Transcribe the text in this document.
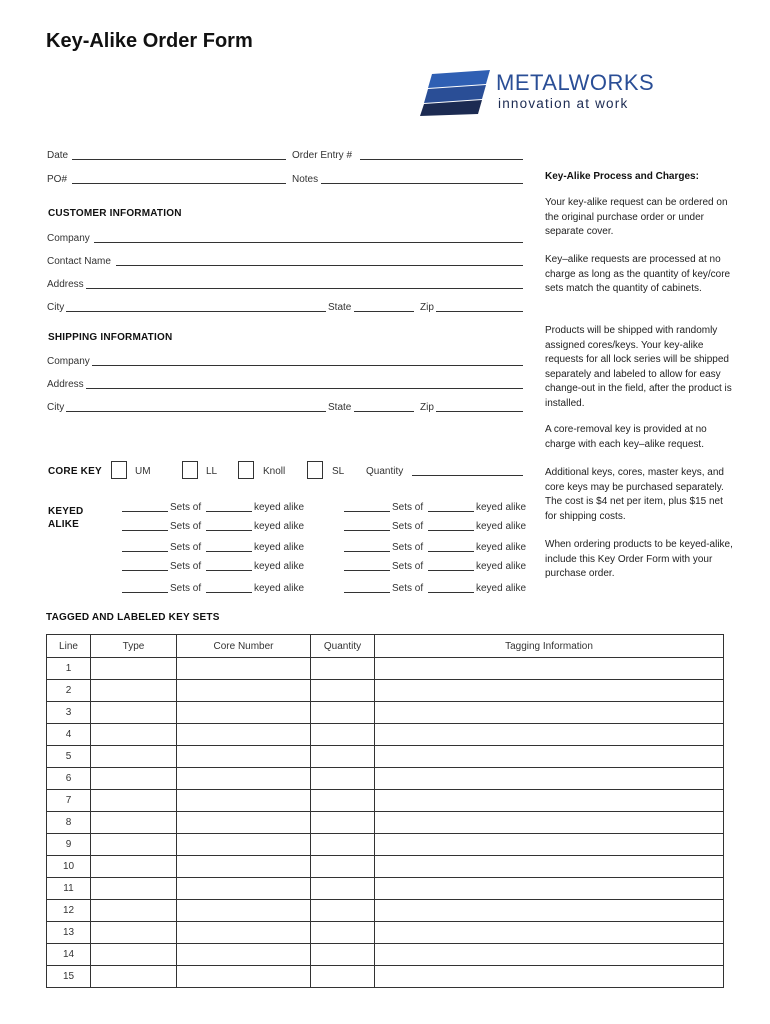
Key-Alike Order Form
METALWORKS
innovation at work
Date	Order Entry #
PO#	Notes
CUSTOMER INFORMATION
Company
Contact Name
Address
City	State	Zip
SHIPPING INFORMATION
Company
Address
City	State	Zip
CORE KEY	UM	LL	Knoll	SL Quantity
KEYED
ALIKE
Sets of	keyed alike	Sets of	keyed alike
Sets of	keyed alike	Sets of	keyed alike
Sets of	keyed alike	Sets of	keyed alike
Sets of	keyed alike	Sets of	keyed alike
Sets of	keyed alike	Sets of	keyed alike
Key-Alike Process and Charges:
Your key-alike request can be ordered on the original purchase order or under separate cover.
Key–alike requests are processed at no charge as long as the quantity of key/core sets match the quantity of cabinets.
Products will be shipped with randomly assigned cores/keys. Your key-alike requests for all lock series will be shipped separately and labeled to allow for easy change-out in the field, after the product is installed.
A core-removal key is provided at no charge with each key–alike request.
Additional keys, cores, master keys, and core keys may be purchased separately. The cost is $4 net per item, plus $15 net for shipping costs.
When ordering products to be keyed-alike, include this Key Order Form with your purchase order.
TAGGED AND LABELED KEY SETS
Line	Type	Core Number	Quantity	Tagging Information
1				
2				
3				
4				
5				
6				
7				
8				
9				
10				
11				
12				
13				
14				
15				
